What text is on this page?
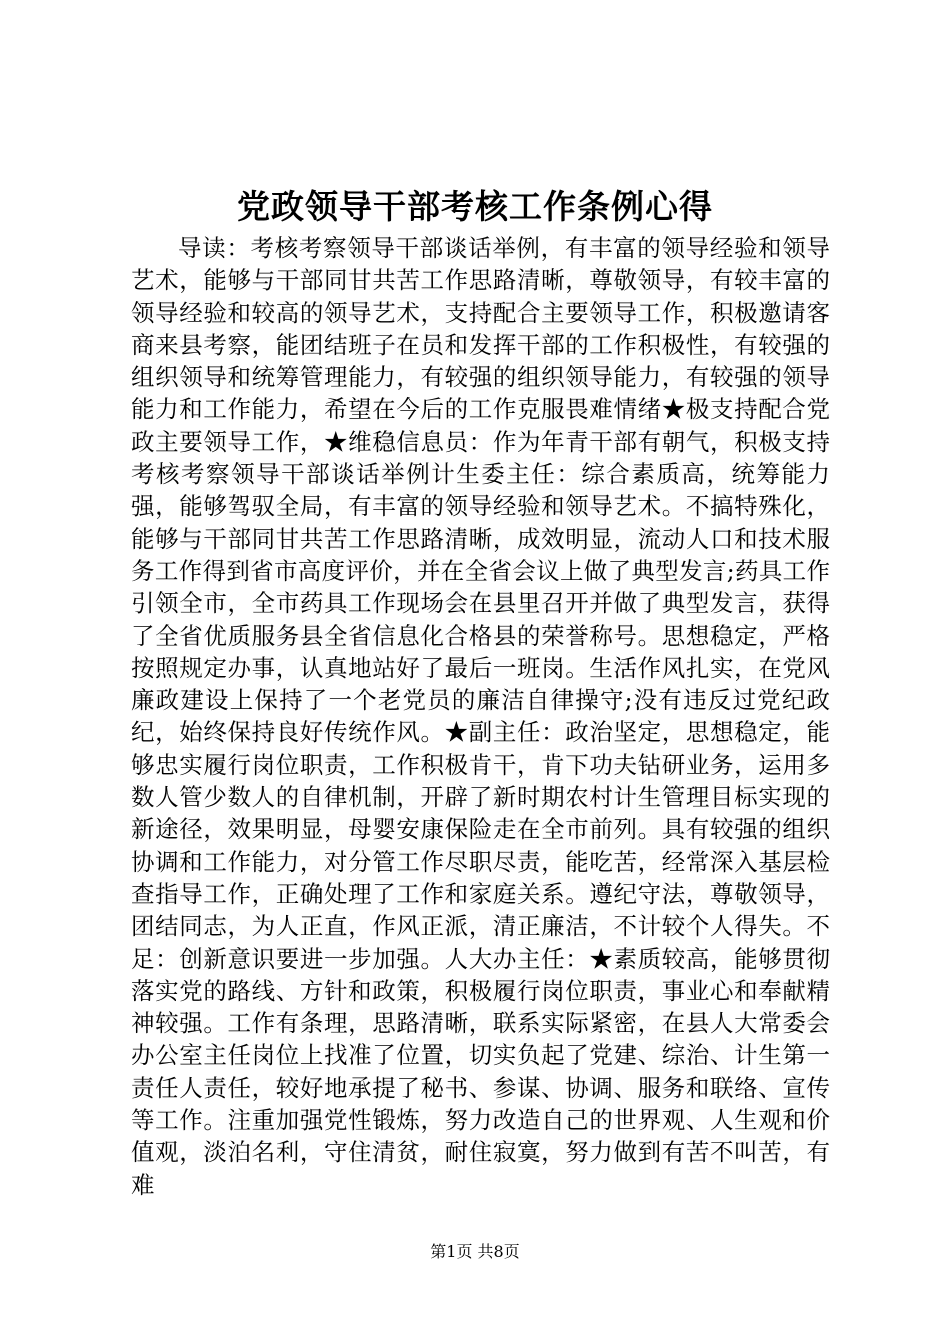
党政领导干部考核工作条例心得

导读：考核考察领导干部谈话举例，有丰富的领导经验和领导艺术，能够与干部同甘共苦工作思路清晰，尊敬领导，有较丰富的领导经验和较高的领导艺术，支持配合主要领导工作，积极邀请客商来县考察，能团结班子在员和发挥干部的工作积极性，有较强的组织领导和统筹管理能力，有较强的组织领导能力，有较强的领导能力和工作能力，希望在今后的工作克服畏难情绪★极支持配合党政主要领导工作，★维稳信息员：作为年青干部有朝气，积极支持考核考察领导干部谈话举例计生委主任：综合素质高，统筹能力强，能够驾驭全局，有丰富的领导经验和领导艺术。不搞特殊化，能够与干部同甘共苦工作思路清晰，成效明显，流动人口和技术服务工作得到省市高度评价，并在全省会议上做了典型发言;药具工作引领全市，全市药具工作现场会在县里召开并做了典型发言，获得了全省优质服务县全省信息化合格县的荣誉称号。思想稳定，严格按照规定办事，认真地站好了最后一班岗。生活作风扎实，在党风廉政建设上保持了一个老党员的廉洁自律操守;没有违反过党纪政纪，始终保持良好传统作风。★副主任：政治坚定，思想稳定，能够忠实履行岗位职责，工作积极肯干，肯下功夫钻研业务，运用多数人管少数人的自律机制，开辟了新时期农村计生管理目标实现的新途径，效果明显，母婴安康保险走在全市前列。具有较强的组织协调和工作能力，对分管工作尽职尽责，能吃苦，经常深入基层检查指导工作，正确处理了工作和家庭关系。遵纪守法，尊敬领导，团结同志，为人正直，作风正派，清正廉洁，不计较个人得失。不足：创新意识要进一步加强。人大办主任：★素质较高，能够贯彻落实党的路线、方针和政策，积极履行岗位职责，事业心和奉献精神较强。工作有条理，思路清晰，联系实际紧密，在县人大常委会办公室主任岗位上找准了位置，切实负起了党建、综治、计生第一责任人责任，较好地承提了秘书、参谋、协调、服务和联络、宣传等工作。注重加强党性锻炼，努力改造自己的世界观、人生观和价值观，淡泊名利，守住清贫，耐住寂寞，努力做到有苦不叫苦，有难

第1页 共8页
